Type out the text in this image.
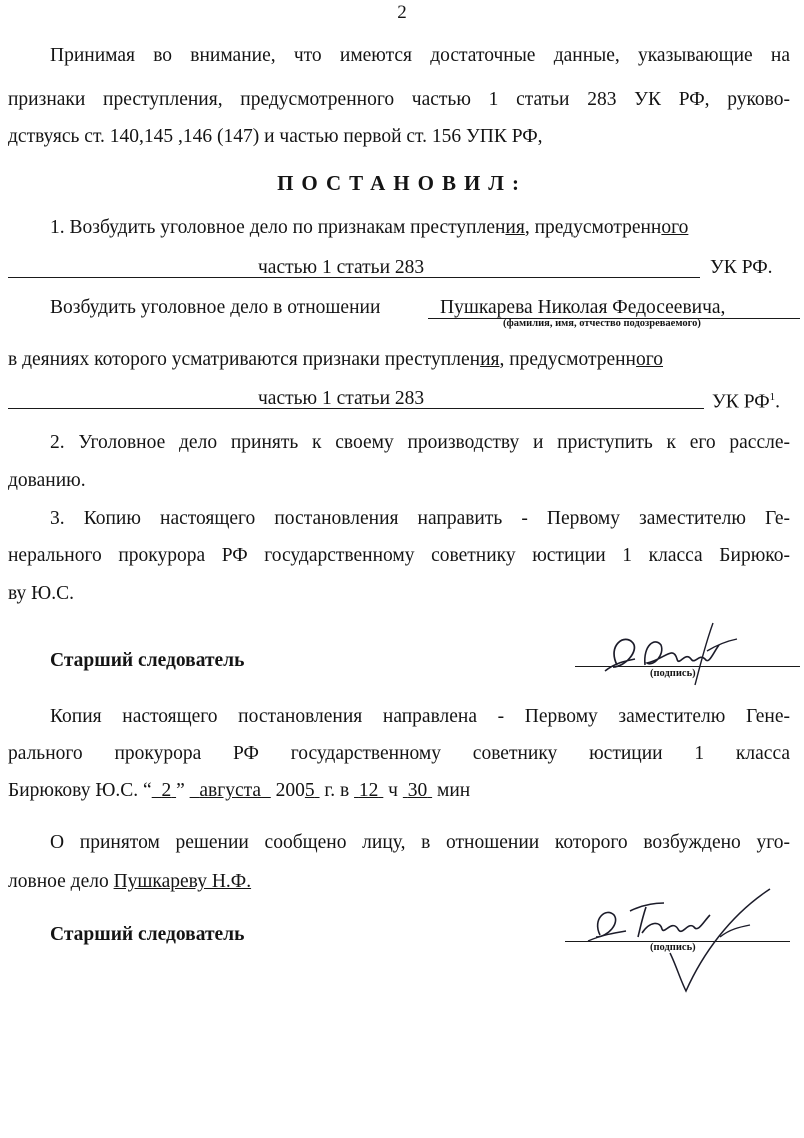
2
Принимая во внимание, что имеются достаточные данные, указывающие на
признаки преступления, предусмотренного частью 1 статьи 283 УК РФ, руково-
дствуясь ст. 140,145 ,146 (147) и частью первой ст. 156 УПК РФ,
ПОСТАНОВИЛ:
1. Возбудить уголовное дело по признакам преступления, предусмотренного
частью 1 статьи 283	УК РФ.
Возбудить уголовное дело в отношении	Пушкарева Николая Федосеевича,
(фамилия, имя, отчество подозреваемого)
в деяниях которого усматриваются признаки преступления, предусмотренного
частью 1 статьи 283	УК $РФ^1$.
2. Уголовное дело принять к своему производству и приступить к его рассле-
дованию.
3. Копию настоящего постановления направить - Первому заместителю Ге-
нерального прокурора РФ государственному советнику юстиции 1 класса Бирюко-
ву Ю.С.
Старший следователь
(подпись)
Копия настоящего постановления направлена - Первому заместителю Гене-
рального прокурора РФ государственному советнику юстиции 1 класса
Бирюкову Ю.С. “ 2 ” августа 2005 г. в 12 ч 30 мин
О принятом решении сообщено лицу, в отношении которого возбуждено уго-
ловное дело Пушкареву Н.Ф.
Старший следователь
(подпись)
